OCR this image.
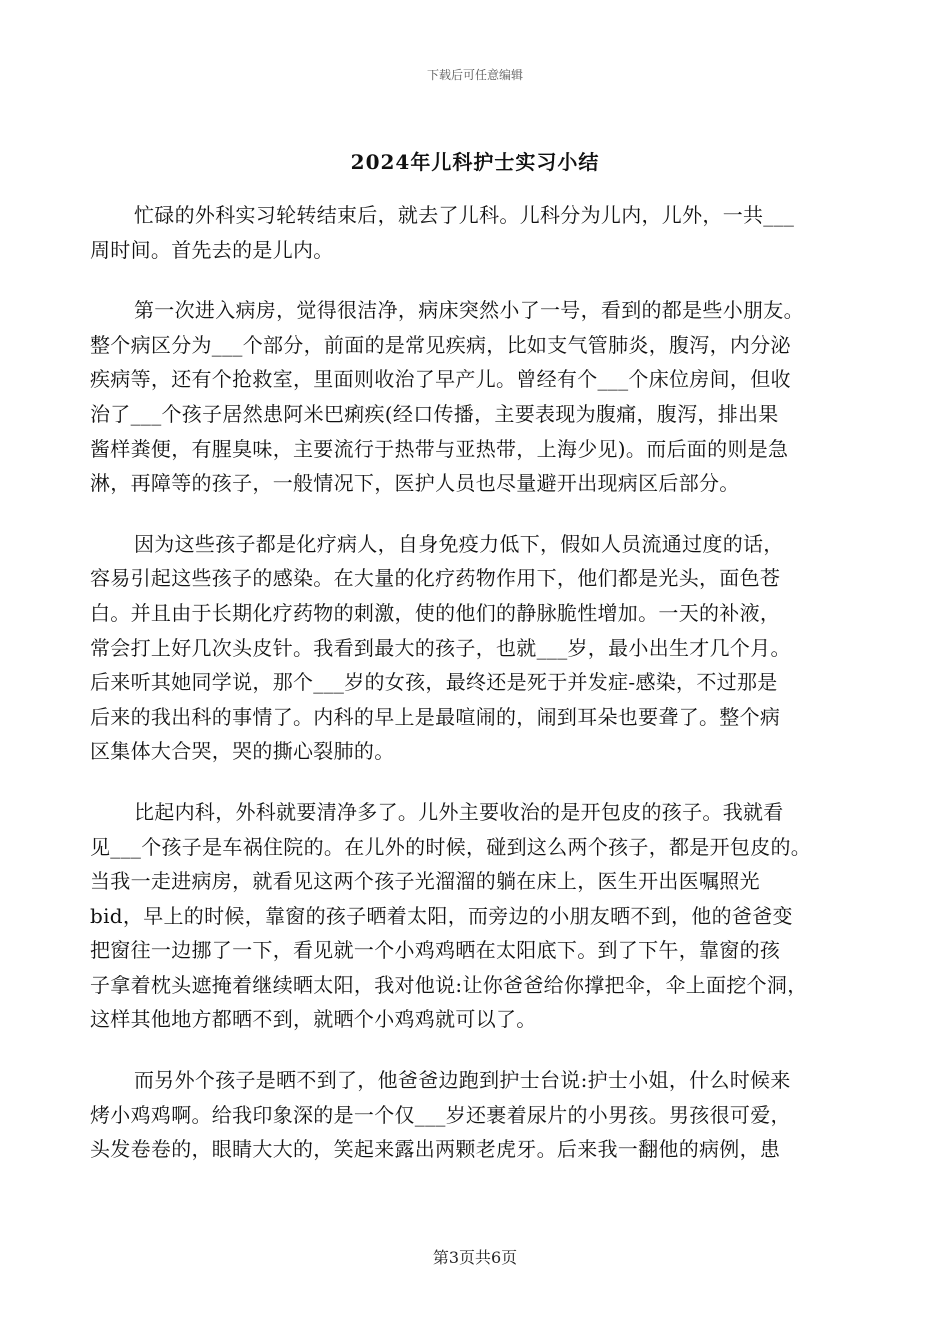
下载后可任意编辑
2024年儿科护士实习小结
忙碌的外科实习轮转结束后，就去了儿科。儿科分为儿内，儿外，一共___
周时间。首先去的是儿内。
第一次进入病房，觉得很洁净，病床突然小了一号，看到的都是些小朋友。
整个病区分为___个部分，前面的是常见疾病，比如支气管肺炎，腹泻，内分泌
疾病等，还有个抢救室，里面则收治了早产儿。曾经有个___个床位房间，但收
治了___个孩子居然患阿米巴痢疾(经口传播，主要表现为腹痛，腹泻，排出果
酱样粪便，有腥臭味，主要流行于热带与亚热带，上海少见)。而后面的则是急
淋，再障等的孩子，一般情况下，医护人员也尽量避开出现病区后部分。
因为这些孩子都是化疗病人，自身免疫力低下，假如人员流通过度的话，
容易引起这些孩子的感染。在大量的化疗药物作用下，他们都是光头，面色苍
白。并且由于长期化疗药物的刺激，使的他们的静脉脆性增加。一天的补液，
常会打上好几次头皮针。我看到最大的孩子，也就___岁，最小出生才几个月。
后来听其她同学说，那个___岁的女孩，最终还是死于并发症-感染，不过那是
后来的我出科的事情了。内科的早上是最喧闹的，闹到耳朵也要聋了。整个病
区集体大合哭，哭的撕心裂肺的。
比起内科，外科就要清净多了。儿外主要收治的是开包皮的孩子。我就看
见___个孩子是车祸住院的。在儿外的时候，碰到这么两个孩子，都是开包皮的。
当我一走进病房，就看见这两个孩子光溜溜的躺在床上，医生开出医嘱照光
bid，早上的时候，靠窗的孩子晒着太阳，而旁边的小朋友晒不到，他的爸爸变
把窗往一边挪了一下，看见就一个小鸡鸡晒在太阳底下。到了下午，靠窗的孩
子拿着枕头遮掩着继续晒太阳，我对他说:让你爸爸给你撑把伞，伞上面挖个洞，
这样其他地方都晒不到，就晒个小鸡鸡就可以了。
而另外个孩子是晒不到了，他爸爸边跑到护士台说:护士小姐，什么时候来
烤小鸡鸡啊。给我印象深的是一个仅___岁还裹着尿片的小男孩。男孩很可爱，
头发卷卷的，眼睛大大的，笑起来露出两颗老虎牙。后来我一翻他的病例，患
第3页共6页
